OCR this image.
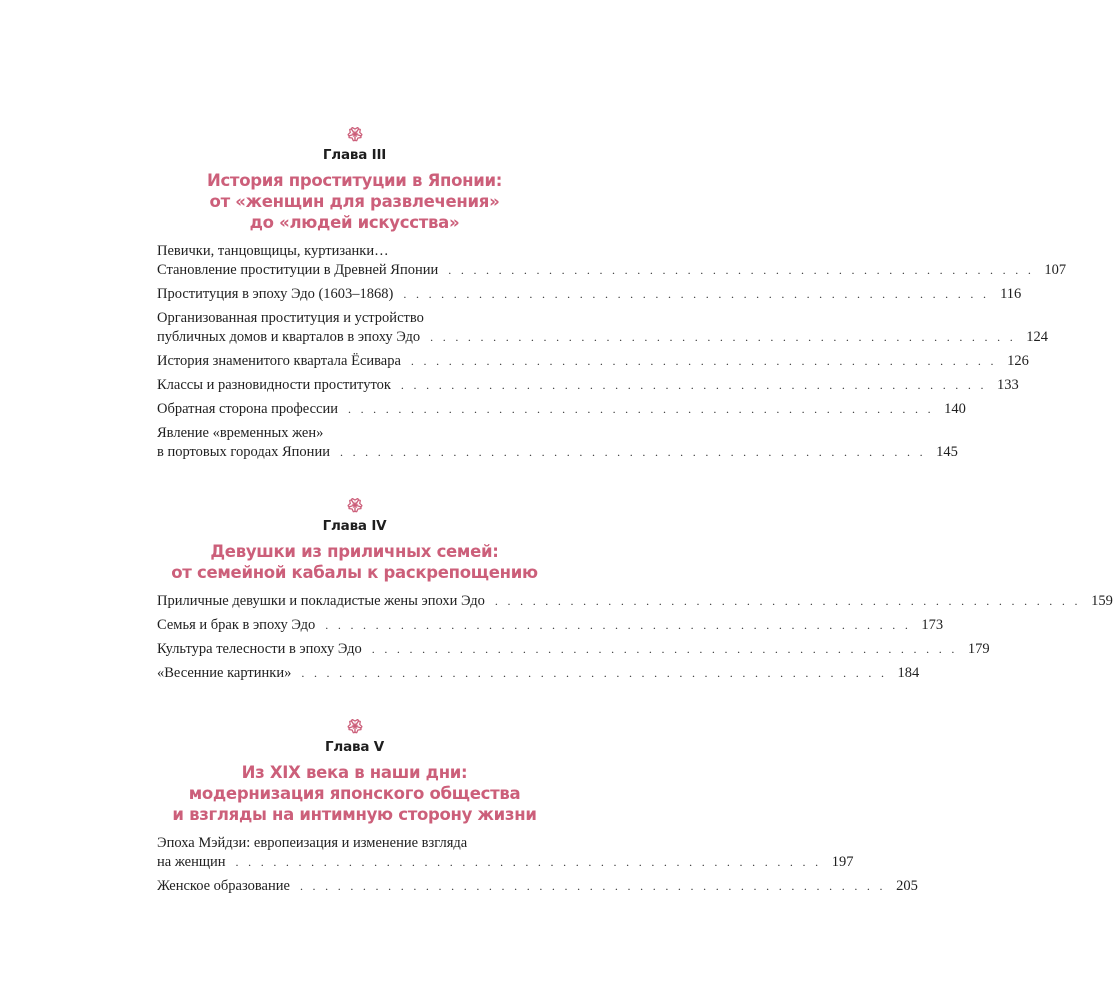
Глава III
История проституции в Японии:
от «женщин для развлечения»
до «людей искусства»
Певички, танцовщицы, куртизанки…
Становление проституции в Древней Японии . . . . . . . . . . . . . . . . . . . . . . . . . . . . . . . . . . . . . . . . . . . . . . . 107
Проституция в эпоху Эдо (1603–1868) . . . . . . . . . . . . . . . . . . . . . . . . . . . . . . . . . . . . . . . . . . . . . . . 116
Организованная проституция и устройство
публичных домов и кварталов в эпоху Эдо . . . . . . . . . . . . . . . . . . . . . . . . . . . . . . . . . . . . . . . . . . . . . . . 124
История знаменитого квартала Ёсивара . . . . . . . . . . . . . . . . . . . . . . . . . . . . . . . . . . . . . . . . . . . . . . . 126
Классы и разновидности проституток . . . . . . . . . . . . . . . . . . . . . . . . . . . . . . . . . . . . . . . . . . . . . . . 133
Обратная сторона профессии . . . . . . . . . . . . . . . . . . . . . . . . . . . . . . . . . . . . . . . . . . . . . . . 140
Явление «временных жен»
в портовых городах Японии . . . . . . . . . . . . . . . . . . . . . . . . . . . . . . . . . . . . . . . . . . . . . . . 145
Глава IV
Девушки из приличных семей:
от семейной кабалы к раскрепощению
Приличные девушки и покладистые жены эпохи Эдо . . . . . . . . . . . . . . . . . . . . . . . . . . . . . . . . . . . . . . . . . . . . . . . 159
Семья и брак в эпоху Эдо . . . . . . . . . . . . . . . . . . . . . . . . . . . . . . . . . . . . . . . . . . . . . . . 173
Культура телесности в эпоху Эдо . . . . . . . . . . . . . . . . . . . . . . . . . . . . . . . . . . . . . . . . . . . . . . . 179
«Весенние картинки» . . . . . . . . . . . . . . . . . . . . . . . . . . . . . . . . . . . . . . . . . . . . . . . 184
Глава V
Из XIX века в наши дни:
модернизация японского общества
и взгляды на интимную сторону жизни
Эпоха Мэйдзи: европеизация и изменение взгляда
на женщин . . . . . . . . . . . . . . . . . . . . . . . . . . . . . . . . . . . . . . . . . . . . . . . 197
Женское образование . . . . . . . . . . . . . . . . . . . . . . . . . . . . . . . . . . . . . . . . . . . . . . . 205
